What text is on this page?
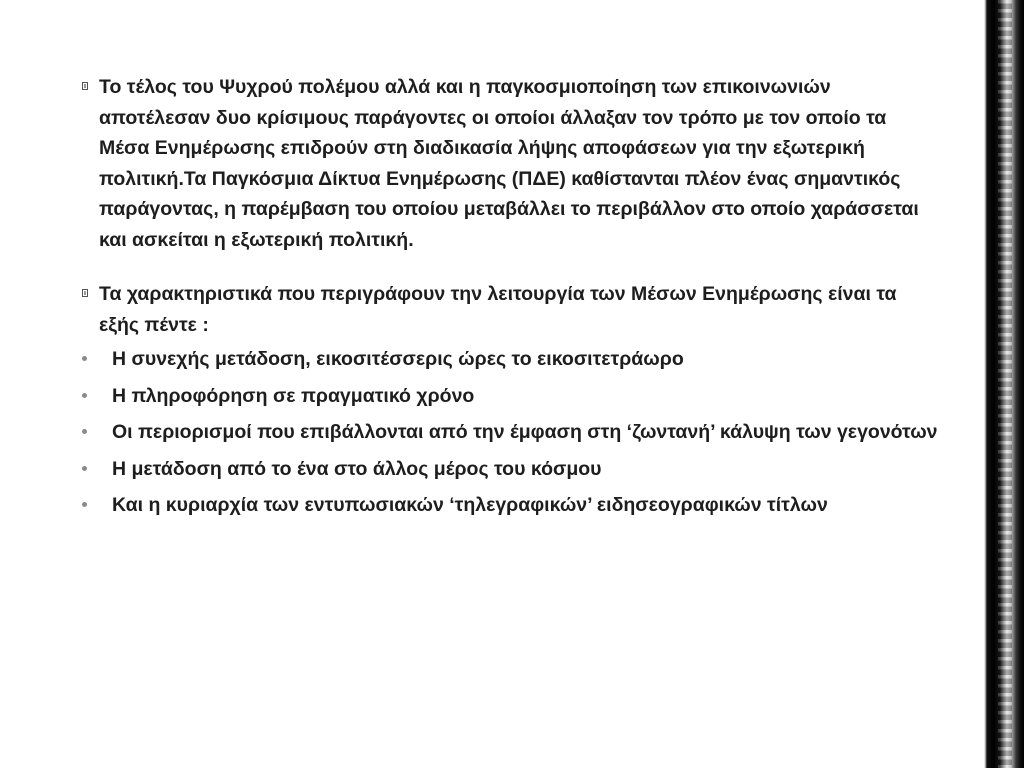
Το τέλος του Ψυχρού πολέμου αλλά και η παγκοσμιοποίηση των επικοινωνιών αποτέλεσαν δυο κρίσιμους παράγοντες οι οποίοι άλλαξαν τον τρόπο με τον οποίο τα Μέσα Ενημέρωσης επιδρούν στη διαδικασία λήψης αποφάσεων για την εξωτερική πολιτική.Τα Παγκόσμια Δίκτυα Ενημέρωσης (ΠΔΕ) καθίστανται πλέον ένας σημαντικός παράγοντας, η παρέμβαση του οποίου μεταβάλλει το περιβάλλον στο οποίο χαράσσεται και ασκείται η εξωτερική πολιτική.
Τα χαρακτηριστικά που περιγράφουν την λειτουργία των Μέσων Ενημέρωσης είναι τα εξής πέντε :
Η συνεχής μετάδοση, εικοσιτέσσερις ώρες το εικοσιτετράωρο
Η πληροφόρηση σε πραγματικό χρόνο
Οι περιορισμοί που επιβάλλονται από την έμφαση στη ‘ζωντανή’ κάλυψη των γεγονότων
Η μετάδοση από το ένα στο άλλος μέρος του κόσμου
Και η κυριαρχία των εντυπωσιακών ‘τηλεγραφικών’ ειδησεογραφικών τίτλων
